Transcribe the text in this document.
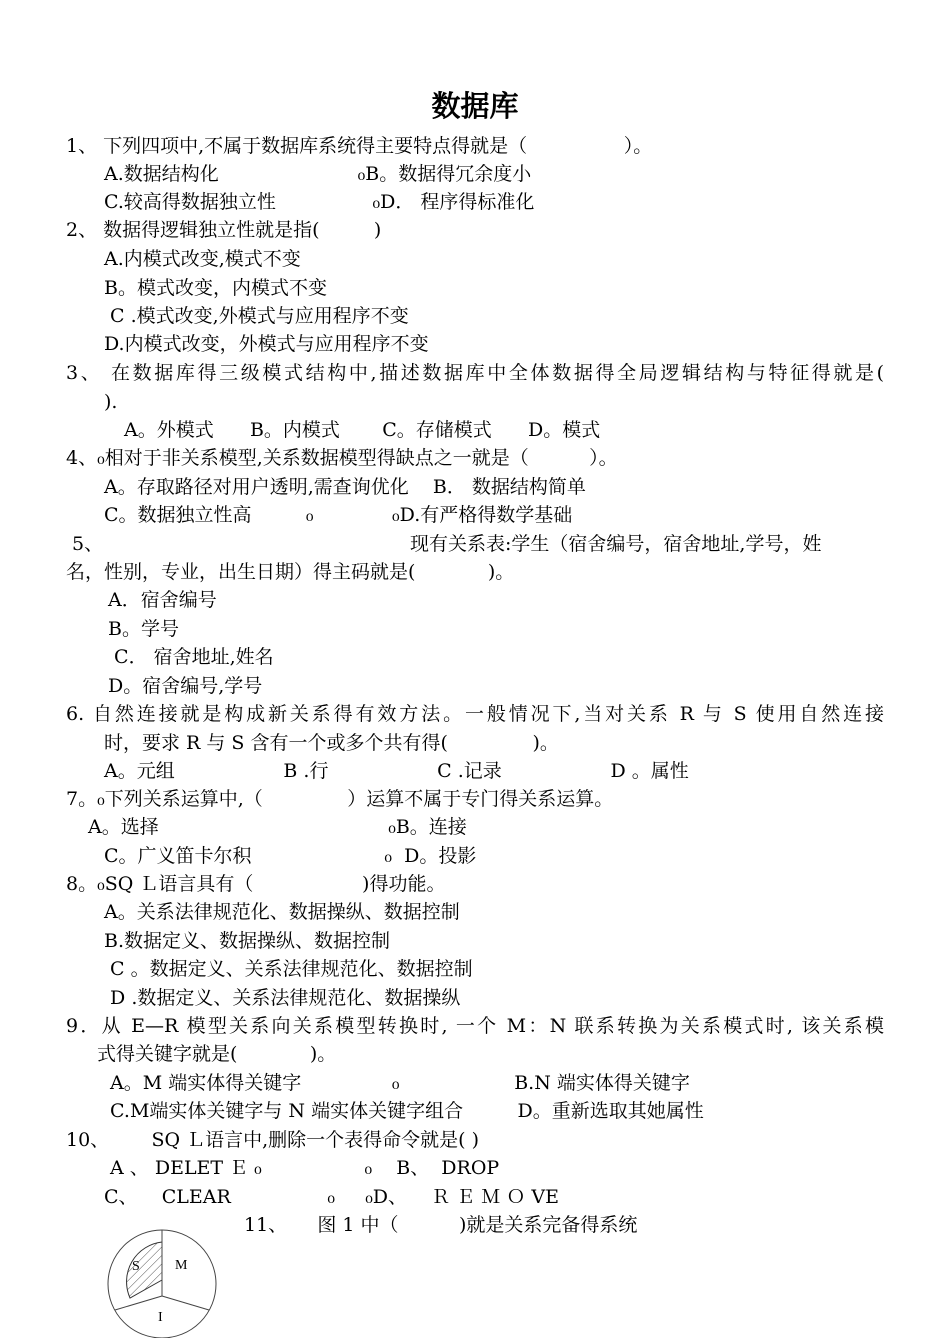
数据库
1、 下列四项中,不属于数据库系统得主要特点得就是（                ）。
A.数据结构化                       ₀B。数据得冗余度小
C.较高得数据独立性                ₀D． 程序得标准化
2、 数据得逻辑独立性就是指(         )
A.内模式改变,模式不变
B。模式改变，内模式不变
C .模式改变,外模式与应用程序不变
D.内模式改变，外模式与应用程序不变
3、 在数据库得三级模式结构中,描述数据库中全体数据得全局逻辑结构与特征得就是(
).
A。外模式      B。内模式       C。存储模式      D。模式
4、₀相对于非关系模型,关系数据模型得缺点之一就是（          ）。
A。存取路径对用户透明,需查询优化    B． 数据结构简单
C。数据独立性高         ₀             ₀D.有严格得数学基础
5、	现有关系表:学生（宿舍编号，宿舍地址,学号，姓
名，性别，专业，出生日期）得主码就是(            )。
A．宿舍编号
B。学号
C． 宿舍地址,姓名
D。宿舍编号,学号
6. 自然连接就是构成新关系得有效方法。一般情况下,当对关系 R 与 S 使用自然连接
时，要求 R 与 S 含有一个或多个共有得(              )。
A。元组                  B .行                  C .记录                  D 。属性
7。₀下列关系运算中,（              ）运算不属于专门得关系运算。
A。选择                                      ₀B。连接
C。广义笛卡尔积                      ₀  D。投影
8。₀SQ Ｌ语言具有（                  )得功能。
A。关系法律规范化、数据操纵、数据控制
B.数据定义、数据操纵、数据控制
C 。数据定义、关系法律规范化、数据控制
D .数据定义、关系法律规范化、数据操纵
9．从 E—R 模型关系向关系模型转换时, 一个 M：N 联系转换为关系模式时, 该关系模
式得关键字就是(            )。
A。M 端实体得关键字               ₀                   B.N 端实体得关键字
C.M端实体关键字与 N 端实体关键字组合         D。重新选取其她属性
10、       SQ Ｌ语言中,删除一个表得命令就是( )
A 、 DELET Ｅ ₀                 ₀    B、  DROP
C、    CLEAR                ₀     ₀D、    Ｒ Ｅ Ｍ Ｏ VE
11、     图 1 中（          )就是关系完备得系统
S	M
I
